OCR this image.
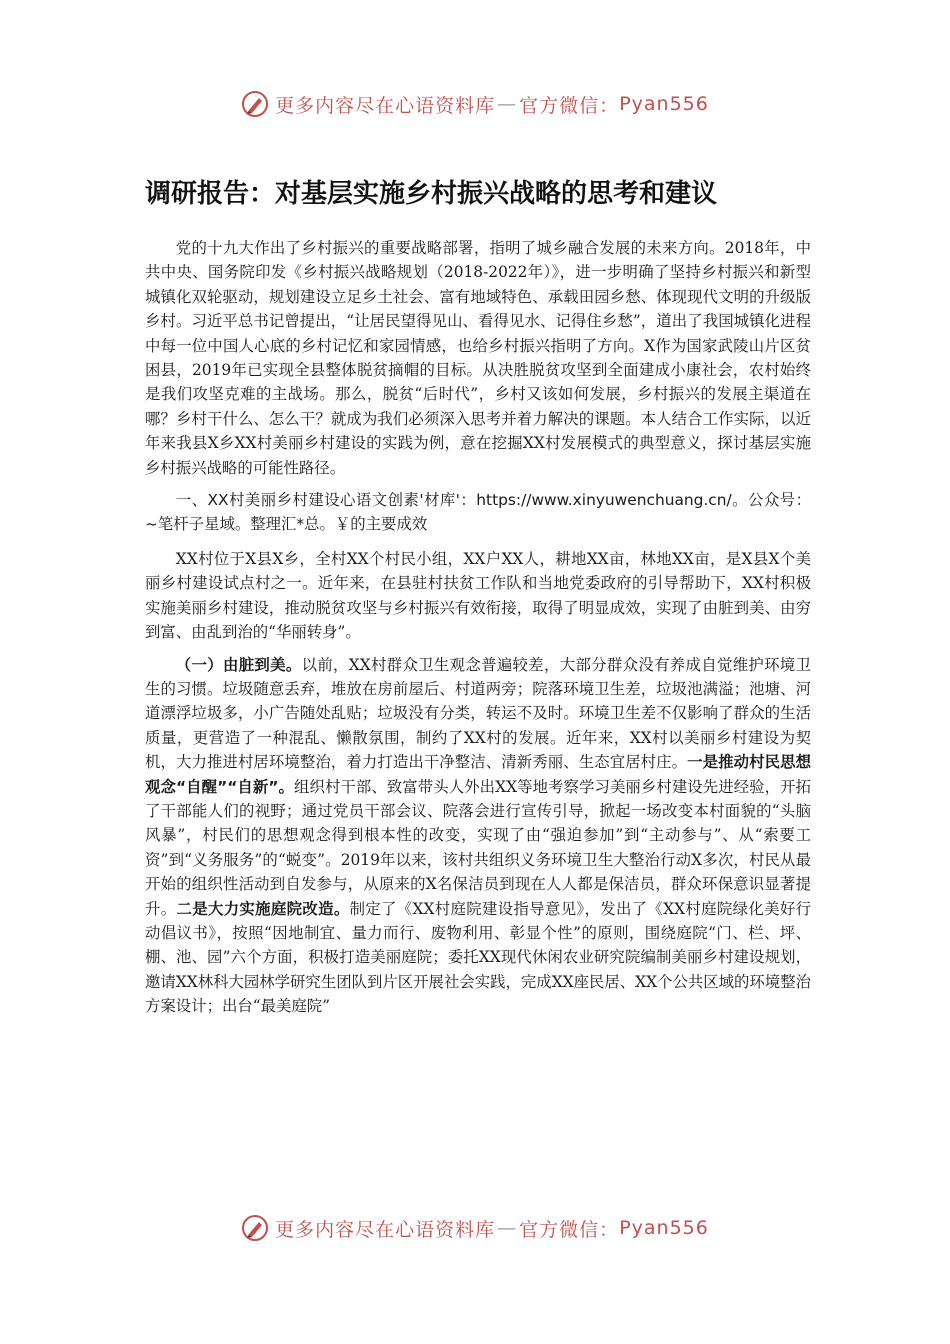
更多内容尽在心语资料库 — 官方微信： Pyan556
调研报告：对基层实施乡村振兴战略的思考和建议

党的十九大作出了乡村振兴的重要战略部署，指明了城乡融合发展的未来方向。2018年，中共中央、国务院印发《乡村振兴战略规划（2018-2022年）》，进一步明确了坚持乡村振兴和新型城镇化双轮驱动，规划建设立足乡土社会、富有地域特色、承载田园乡愁、体现现代文明的升级版乡村。习近平总书记曾提出，“让居民望得见山、看得见水、记得住乡愁”，道出了我国城镇化进程中每一位中国人心底的乡村记忆和家园情感，也给乡村振兴指明了方向。X作为国家武陵山片区贫困县，2019年已实现全县整体脱贫摘帽的目标。从决胜脱贫攻坚到全面建成小康社会，农村始终是我们攻坚克难的主战场。那么，脱贫“后时代”，乡村又该如何发展，乡村振兴的发展主渠道在哪？乡村干什么、怎么干？就成为我们必须深入思考并着力解决的课题。本人结合工作实际，以近年来我县X乡XX村美丽乡村建设的实践为例，意在挖掘XX村发展模式的典型意义，探讨基层实施乡村振兴战略的可能性路径。

一、XX村美丽乡村建设心语文创素'材库'：https://www.xinyuwenchuang.cn/。公众号：~笔杆子星域。整理汇*总。￥的主要成效

XX村位于X县X乡，全村XX个村民小组，XX户XX人，耕地XX亩，林地XX亩，是X县X个美丽乡村建设试点村之一。近年来，在县驻村扶贫工作队和当地党委政府的引导帮助下，XX村积极实施美丽乡村建设，推动脱贫攻坚与乡村振兴有效衔接，取得了明显成效，实现了由脏到美、由穷到富、由乱到治的“华丽转身”。

（一）由脏到美。以前，XX村群众卫生观念普遍较差，大部分群众没有养成自觉维护环境卫生的习惯。垃圾随意丢弃，堆放在房前屋后、村道两旁；院落环境卫生差，垃圾池满溢；池塘、河道漂浮垃圾多，小广告随处乱贴；垃圾没有分类，转运不及时。环境卫生差不仅影响了群众的生活质量，更营造了一种混乱、懒散氛围，制约了XX村的发展。近年来，XX村以美丽乡村建设为契机，大力推进村居环境整治，着力打造出干净整洁、清新秀丽、生态宜居村庄。一是推动村民思想观念“自醒”“自新”。组织村干部、致富带头人外出XX等地考察学习美丽乡村建设先进经验，开拓了干部能人们的视野；通过党员干部会议、院落会进行宣传引导，掀起一场改变本村面貌的“头脑风暴”，村民们的思想观念得到根本性的改变，实现了由“强迫参加”到“主动参与”、从“索要工资”到“义务服务”的“蜕变”。2019年以来，该村共组织义务环境卫生大整治行动X多次，村民从最开始的组织性活动到自发参与，从原来的X名保洁员到现在人人都是保洁员，群众环保意识显著提升。二是大力实施庭院改造。制定了《XX村庭院建设指导意见》，发出了《XX村庭院绿化美好行动倡议书》，按照“因地制宜、量力而行、废物利用、彰显个性”的原则，围绕庭院“门、栏、坪、棚、池、园”六个方面，积极打造美丽庭院；委托XX现代休闲农业研究院编制美丽乡村建设规划，邀请XX林科大园林学研究生团队到片区开展社会实践，完成XX座民居、XX个公共区域的环境整治方案设计；出台“最美庭院”

更多内容尽在心语资料库 — 官方微信： Pyan556
